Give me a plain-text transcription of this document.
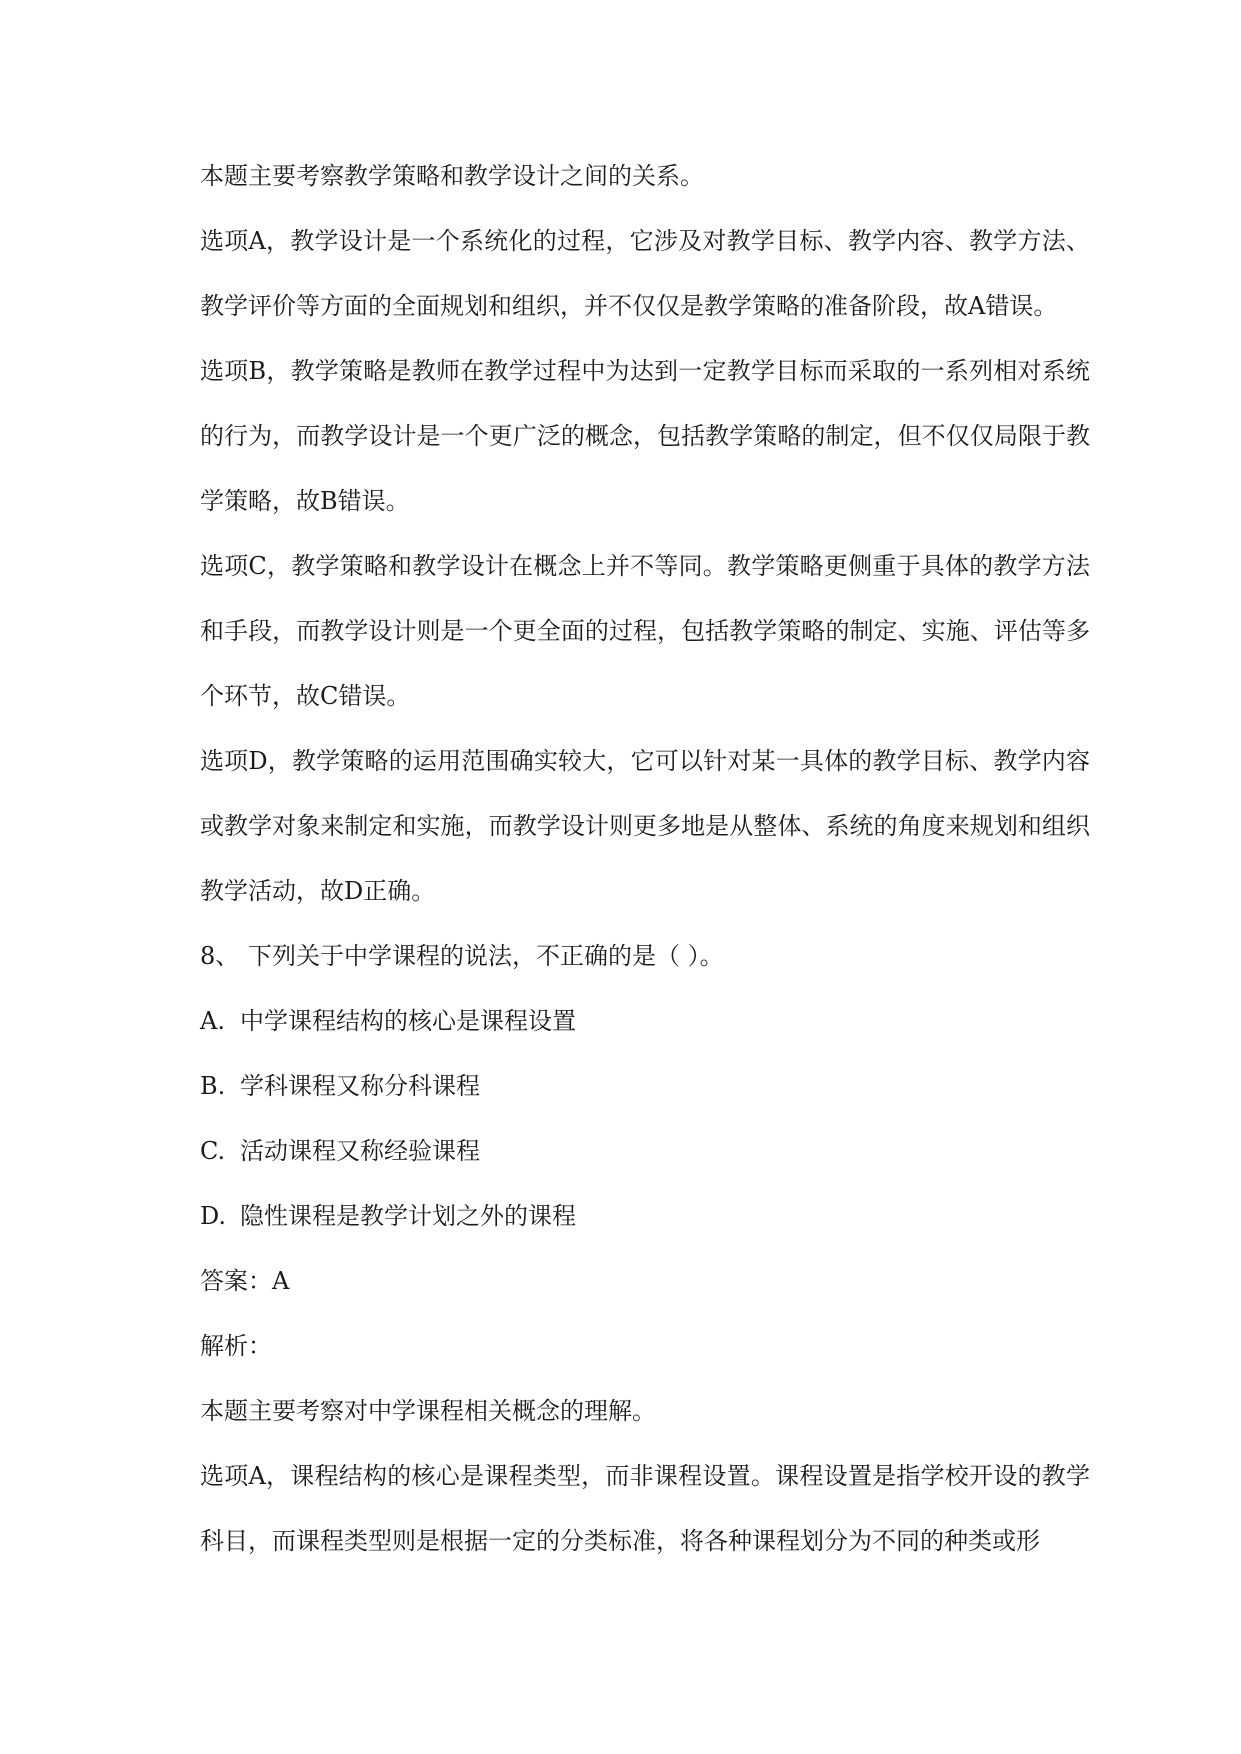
本题主要考察教学策略和教学设计之间的关系。

选项A，教学设计是一个系统化的过程，它涉及对教学目标、教学内容、教学方法、教学评价等方面的全面规划和组织，并不仅仅是教学策略的准备阶段，故A错误。

选项B，教学策略是教师在教学过程中为达到一定教学目标而采取的一系列相对系统的行为，而教学设计是一个更广泛的概念，包括教学策略的制定，但不仅仅局限于教学策略，故B错误。

选项C，教学策略和教学设计在概念上并不等同。教学策略更侧重于具体的教学方法和手段，而教学设计则是一个更全面的过程，包括教学策略的制定、实施、评估等多个环节，故C错误。

选项D，教学策略的运用范围确实较大，它可以针对某一具体的教学目标、教学内容或教学对象来制定和实施，而教学设计则更多地是从整体、系统的角度来规划和组织教学活动，故D正确。

8、 下列关于中学课程的说法，不正确的是（ ）。

A. 中学课程结构的核心是课程设置

B. 学科课程又称分科课程

C. 活动课程又称经验课程

D. 隐性课程是教学计划之外的课程

答案：A

解析：

本题主要考察对中学课程相关概念的理解。

选项A，课程结构的核心是课程类型，而非课程设置。课程设置是指学校开设的教学科目，而课程类型则是根据一定的分类标准，将各种课程划分为不同的种类或形
